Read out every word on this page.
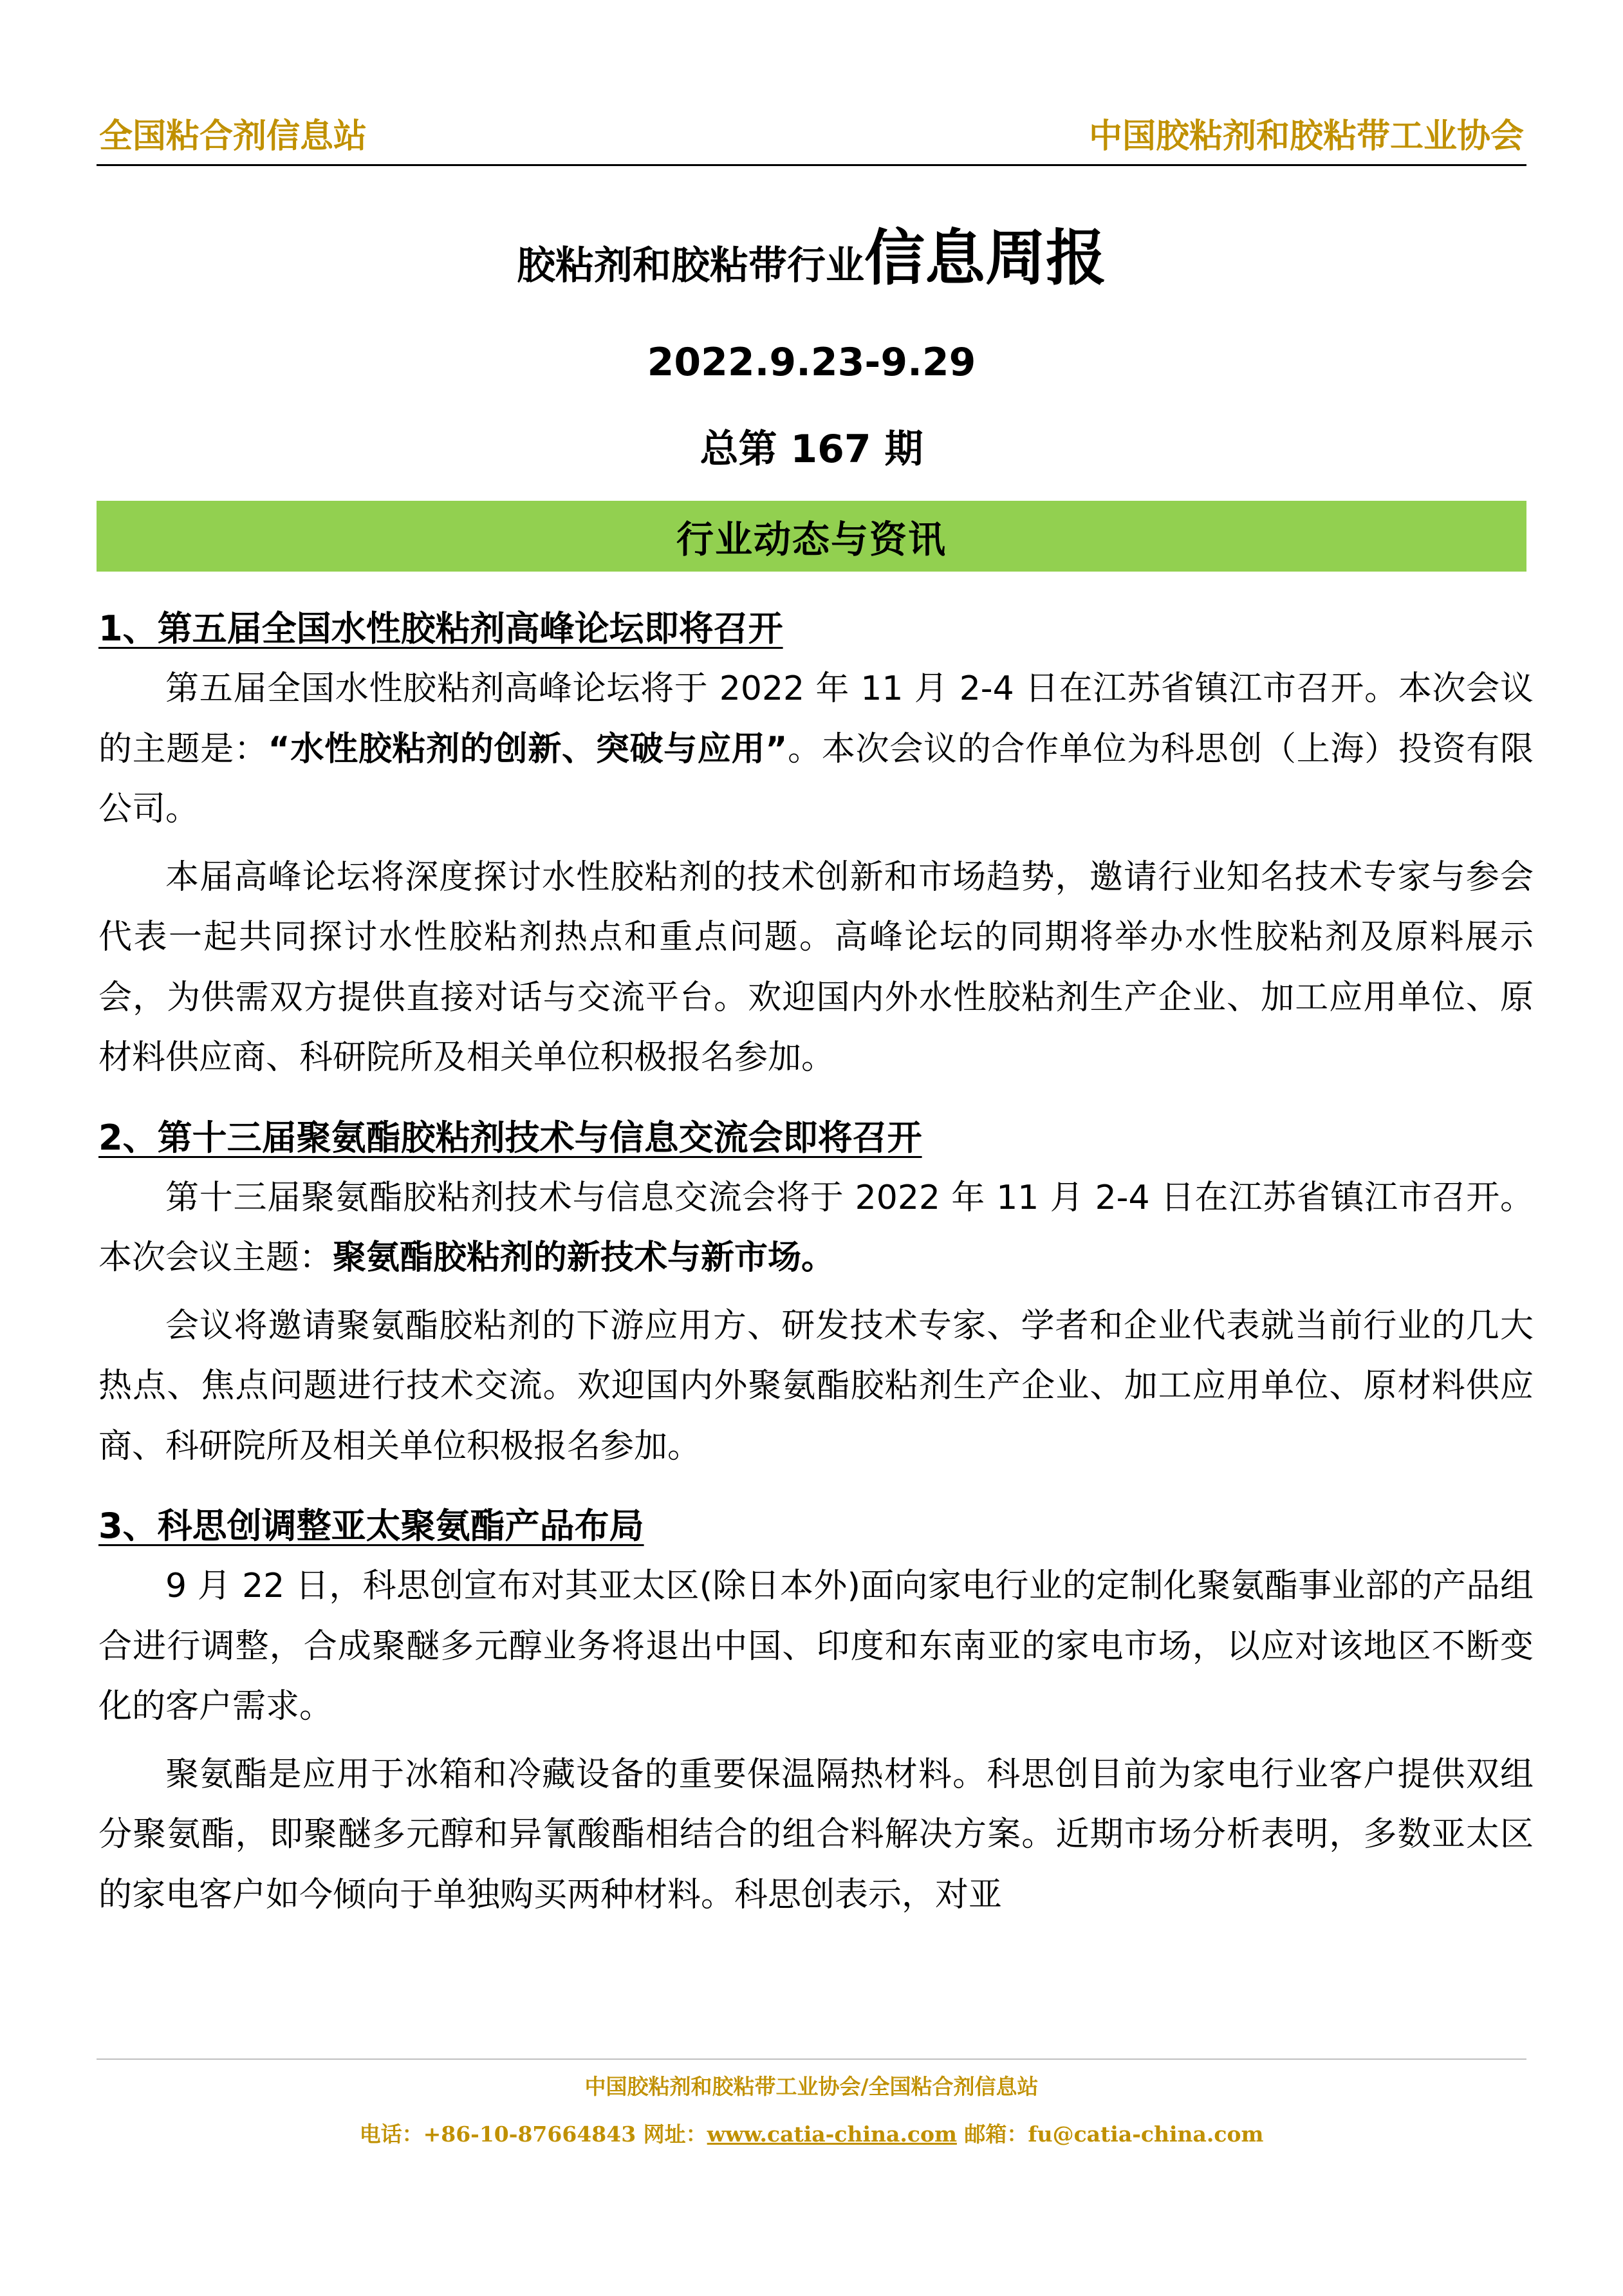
全国粘合剂信息站	中国胶粘剂和胶粘带工业协会
胶粘剂和胶粘带行业信息周报
2022.9.23-9.29
总第 167 期
行业动态与资讯
1、第五届全国水性胶粘剂高峰论坛即将召开

第五届全国水性胶粘剂高峰论坛将于 2022 年 11 月 2-4 日在江苏省镇江市召开。本次会议的主题是：“水性胶粘剂的创新、突破与应用”。本次会议的合作单位为科思创（上海）投资有限公司。

本届高峰论坛将深度探讨水性胶粘剂的技术创新和市场趋势，邀请行业知名技术专家与参会代表一起共同探讨水性胶粘剂热点和重点问题。高峰论坛的同期将举办水性胶粘剂及原料展示会，为供需双方提供直接对话与交流平台。欢迎国内外水性胶粘剂生产企业、加工应用单位、原材料供应商、科研院所及相关单位积极报名参加。

2、第十三届聚氨酯胶粘剂技术与信息交流会即将召开

第十三届聚氨酯胶粘剂技术与信息交流会将于 2022 年 11 月 2-4 日在江苏省镇江市召开。本次会议主题：聚氨酯胶粘剂的新技术与新市场。

会议将邀请聚氨酯胶粘剂的下游应用方、研发技术专家、学者和企业代表就当前行业的几大热点、焦点问题进行技术交流。欢迎国内外聚氨酯胶粘剂生产企业、加工应用单位、原材料供应商、科研院所及相关单位积极报名参加。

3、科思创调整亚太聚氨酯产品布局

9 月 22 日，科思创宣布对其亚太区(除日本外)面向家电行业的定制化聚氨酯事业部的产品组合进行调整，合成聚醚多元醇业务将退出中国、印度和东南亚的家电市场，以应对该地区不断变化的客户需求。

聚氨酯是应用于冰箱和冷藏设备的重要保温隔热材料。科思创目前为家电行业客户提供双组分聚氨酯，即聚醚多元醇和异氰酸酯相结合的组合料解决方案。近期市场分析表明，多数亚太区的家电客户如今倾向于单独购买两种材料。科思创表示，对亚

中国胶粘剂和胶粘带工业协会/全国粘合剂信息站
电话：+86-10-87664843 网址：www.catia-china.com 邮箱：fu@catia-china.com
